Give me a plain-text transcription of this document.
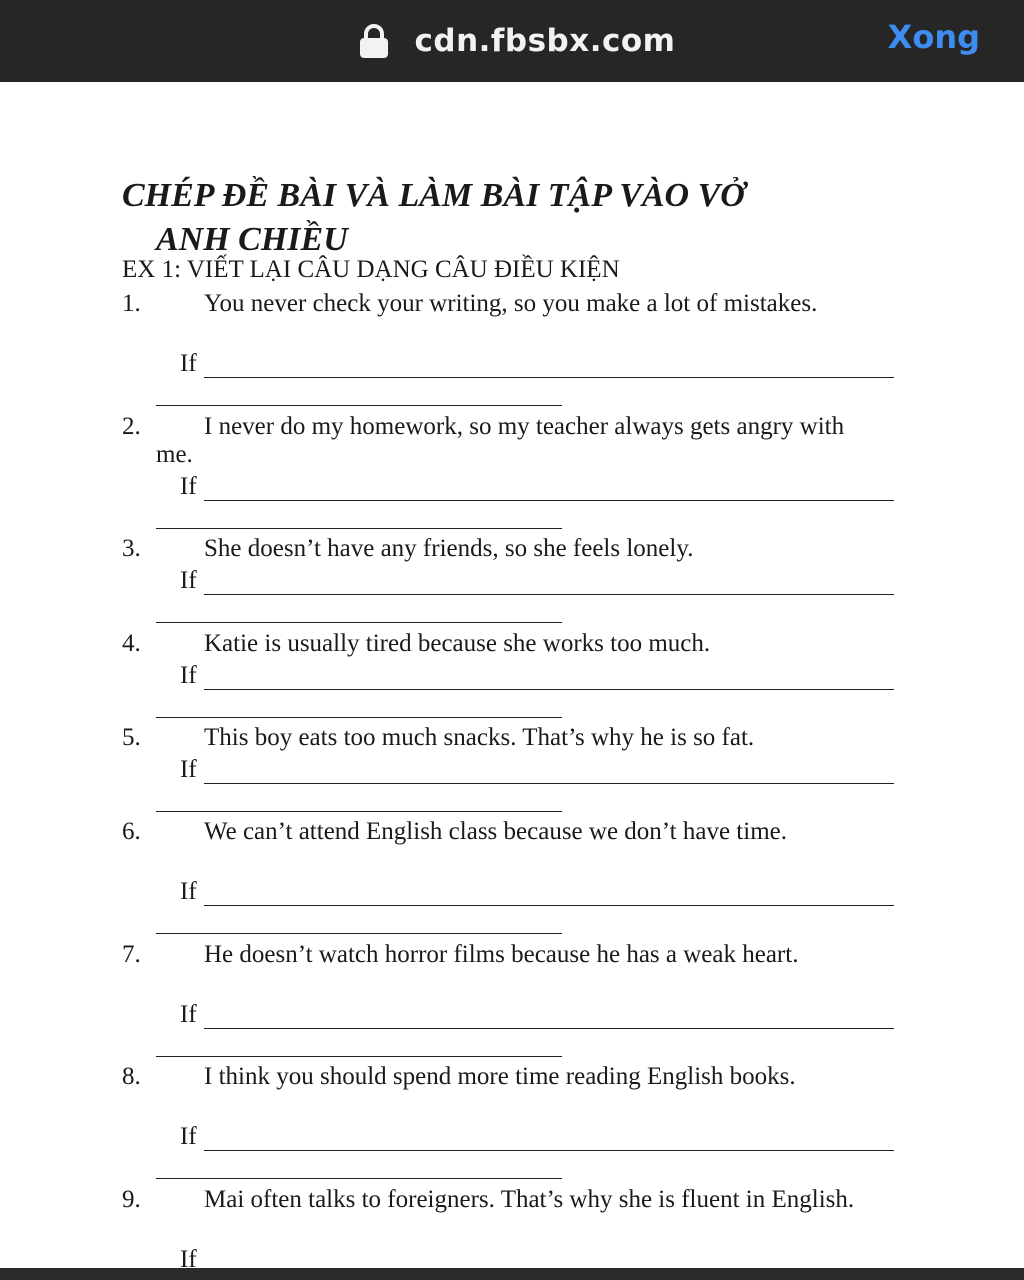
cdn.fbsbx.com	Xong
CHÉP ĐỀ BÀI VÀ LÀM BÀI TẬP VÀO VỞ
ANH CHIỀU

EX 1: VIẾT LẠI CÂU DẠNG CÂU ĐIỀU KIỆN

1.	You never check your writing, so you make a lot of mistakes.
If
2.	I never do my homework, so my teacher always gets angry with me.
If
3.	She doesn’t have any friends, so she feels lonely.
If
4.	Katie is usually tired because she works too much.
If
5.	This boy eats too much snacks. That’s why he is so fat.
If
6.	We can’t attend English class because we don’t have time.
If
7.	He doesn’t watch horror films because he has a weak heart.
If
8.	I think you should spend more time reading English books.
If
9.	Mai often talks to foreigners. That’s why she is fluent in English.
If
